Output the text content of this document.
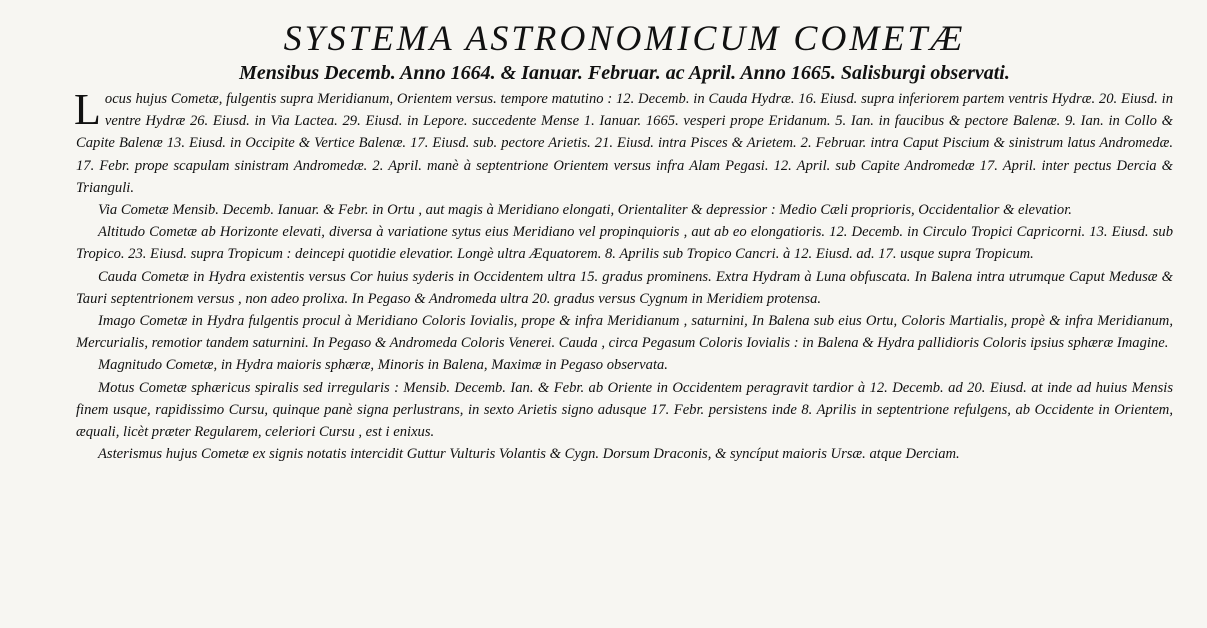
SYSTEMA ASTRONOMICUM COMETÆ
Mensibus Decemb. Anno 1664. & Ianuar. Februar. ac April. Anno 1665. Salisburgi observati.

Locus hujus Cometæ, fulgentis supra Meridianum, Orientem versus. tempore matutino : 12. Decemb. in Cauda Hydræ. 16. Eiusd. supra inferiorem partem ventris Hydræ. 20. Eiusd. in ventre Hydræ 26. Eiusd. in Via Lactea. 29. Eiusd. in Lepore. succedente Mense 1. Ianuar. 1665. vesperi prope Eridanum. 5. Ian. in faucibus & pectore Balenæ. 9. Ian. in Collo & Capite Balenæ 13. Eiusd. in Occipite & Vertice Balenæ. 17. Eiusd. sub. pectore Arietis. 21. Eiusd. intra Pisces & Arietem. 2. Februar. intra Caput Piscium & sinistrum latus Andromedæ. 17. Febr. prope scapulam sinistram Andromedæ. 2. April. manè à septentrione Orientem versus infra Alam Pegasi. 12. April. sub Capite Andromedæ 17. April. inter pectus Dercia & Trianguli.

Via Cometæ Mensib. Decemb. Ianuar. & Febr. in Ortu , aut magis à Meridiano elongati, Orientaliter & depressior : Medio Cæli proprioris, Occidentalior & elevatior.

Altitudo Cometæ ab Horizonte elevati, diversa à variatione sytus eius Meridiano vel propinquioris , aut ab eo elongatioris. 12. Decemb. in Circulo Tropici Capricorni. 13. Eiusd. sub Tropico. 23. Eiusd. supra Tropicum : deincepi quotidie elevatior. Longè ultra Æquatorem. 8. Aprilis sub Tropico Cancri. à 12. Eiusd. ad. 17. usque supra Tropicum.

Cauda Cometæ in Hydra existentis versus Cor huius syderis in Occidentem ultra 15. gradus prominens. Extra Hydram à Luna obfuscata. In Balena intra utrumque Caput Medusæ & Tauri septentrionem versus , non adeo prolixa. In Pegaso & Andromeda ultra 20. gradus versus Cygnum in Meridiem protensa.

Imago Cometæ in Hydra fulgentis procul à Meridiano Coloris Iovialis, prope & infra Meridianum , saturnini, In Balena sub eius Ortu, Coloris Martialis, propè & infra Meridianum, Mercurialis, remotior tandem saturnini. In Pegaso & Andromeda Coloris Venerei. Cauda , circa Pegasum Coloris Iovialis : in Balena & Hydra pallidioris Coloris ipsius sphæræ Imagine.

Magnitudo Cometæ, in Hydra maioris sphæræ, Minoris in Balena, Maximæ in Pegaso observata.

Motus Cometæ sphæricus spiralis sed irregularis : Mensib. Decemb. Ian. & Febr. ab Oriente in Occidentem peragravit tardior à 12. Decemb. ad 20. Eiusd. at inde ad huius Mensis finem usque, rapidissimo Cursu, quinque panè signa perlustrans, in sexto Arietis signo adusque 17. Febr. persistens inde 8. Aprilis in septentrione refulgens, ab Occidente in Orientem, æquali, licèt præter Regularem, celeriori Cursu , est i enixus.

Asterismus hujus Cometæ ex signis notatis intercidit Guttur Vulturis Volantis & Cygn. Dorsum Draconis, & syncíput maioris Ursæ. atque Derciam.
